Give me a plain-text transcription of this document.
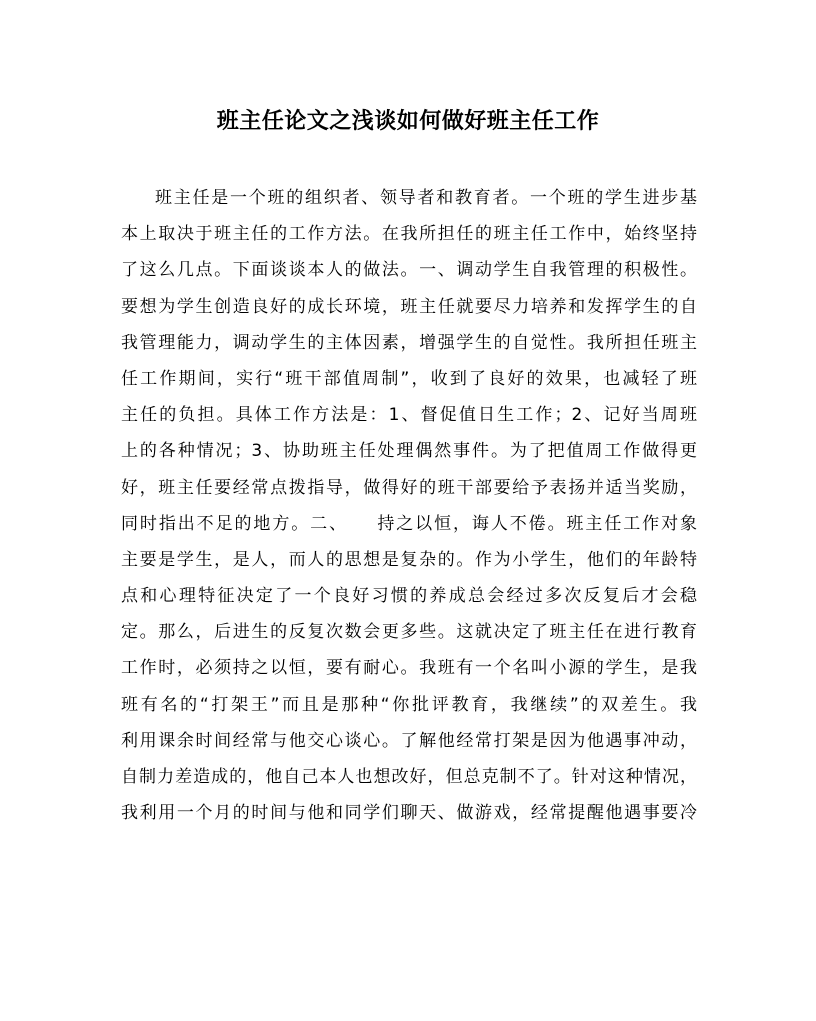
班主任论文之浅谈如何做好班主任工作
班主任是一个班的组织者、领导者和教育者。一个班的学生进步基
本上取决于班主任的工作方法。在我所担任的班主任工作中，始终坚持
了这么几点。下面谈谈本人的做法。一、调动学生自我管理的积极性。
要想为学生创造良好的成长环境，班主任就要尽力培养和发挥学生的自
我管理能力，调动学生的主体因素，增强学生的自觉性。我所担任班主
任工作期间，实行“班干部值周制”，收到了良好的效果，也减轻了班
主任的负担。具体工作方法是：1、督促值日生工作；2、记好当周班
上的各种情况；3、协助班主任处理偶然事件。为了把值周工作做得更
好，班主任要经常点拨指导，做得好的班干部要给予表扬并适当奖励，
同时指出不足的地方。二、　　持之以恒，诲人不倦。班主任工作对象
主要是学生，是人，而人的思想是复杂的。作为小学生，他们的年龄特
点和心理特征决定了一个良好习惯的养成总会经过多次反复后才会稳
定。那么，后进生的反复次数会更多些。这就决定了班主任在进行教育
工作时，必须持之以恒，要有耐心。我班有一个名叫小源的学生，是我
班有名的“打架王”而且是那种“你批评教育，我继续”的双差生。我
利用课余时间经常与他交心谈心。了解他经常打架是因为他遇事冲动，
自制力差造成的，他自己本人也想改好，但总克制不了。针对这种情况，
我利用一个月的时间与他和同学们聊天、做游戏，经常提醒他遇事要冷
